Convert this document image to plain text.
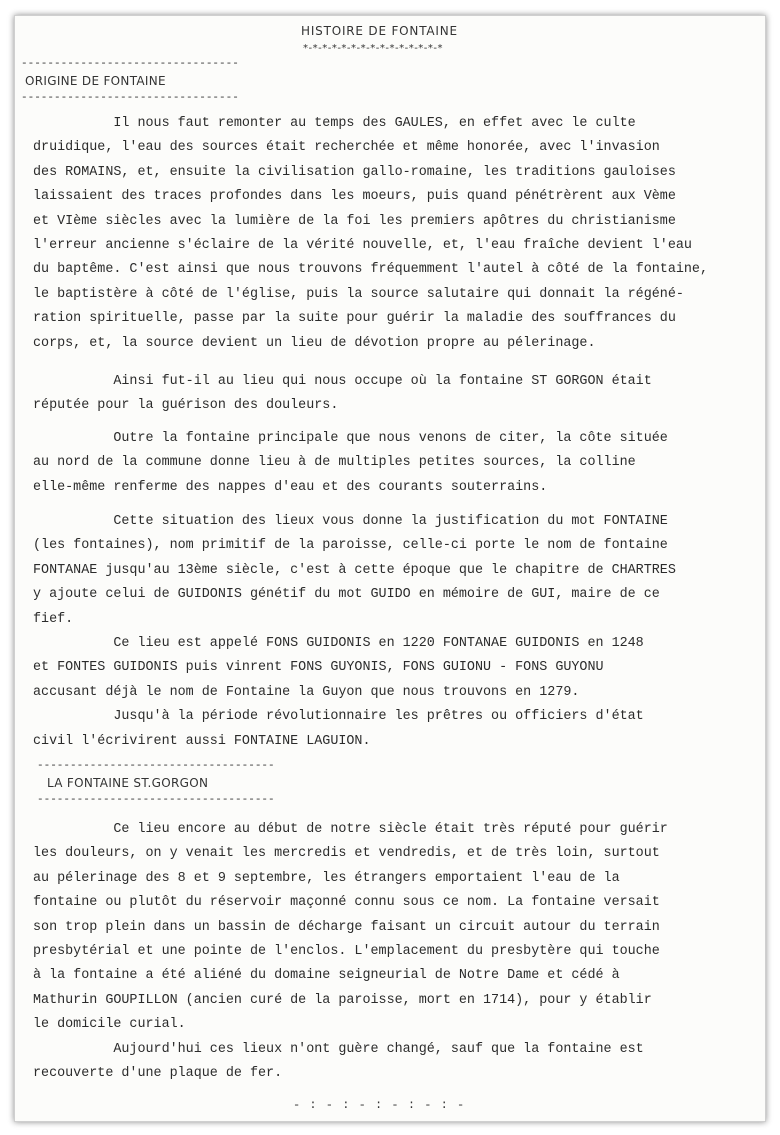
HISTOIRE DE FONTAINE
*-*-*-*-*-*-*-*-*-*-*-*-*-*-*
---------------------------------
ORIGINE DE FONTAINE
---------------------------------
Il nous faut remonter au temps des GAULES, en effet avec le culte
druidique, l'eau des sources était recherchée et même honorée, avec l'invasion
des ROMAINS, et, ensuite la civilisation gallo-romaine, les traditions gauloises
laissaient des traces profondes dans les moeurs, puis quand pénétrèrent aux Vème
et VIème siècles avec la lumière de la foi les premiers apôtres du christianisme
l'erreur ancienne s'éclaire de la vérité nouvelle, et, l'eau fraîche devient l'eau
du baptême. C'est ainsi que nous trouvons fréquemment l'autel à côté de la fontaine,
le baptistère à côté de l'église, puis la source salutaire qui donnait la régéné-
ration spirituelle, passe par la suite pour guérir la maladie des souffrances du
corps, et, la source devient un lieu de dévotion propre au pélerinage.
Ainsi fut-il au lieu qui nous occupe où la fontaine ST GORGON était
réputée pour la guérison des douleurs.
Outre la fontaine principale que nous venons de citer, la côte située
au nord de la commune donne lieu à de multiples petites sources, la colline
elle-même renferme des nappes d'eau et des courants souterrains.
Cette situation des lieux vous donne la justification du mot FONTAINE
(les fontaines), nom primitif de la paroisse, celle-ci porte le nom de fontaine
FONTANAE jusqu'au 13ème siècle, c'est à cette époque que le chapitre de CHARTRES
y ajoute celui de GUIDONIS génétif du mot GUIDO en mémoire de GUI, maire de ce
fief.
Ce lieu est appelé FONS GUIDONIS en 1220 FONTANAE GUIDONIS en 1248
et FONTES GUIDONIS puis vinrent FONS GUYONIS, FONS GUIONU - FONS GUYONU
accusant déjà le nom de Fontaine la Guyon que nous trouvons en 1279.
Jusqu'à la période révolutionnaire les prêtres ou officiers d'état
civil l'écrivirent aussi FONTAINE LAGUION.
------------------------------------
LA FONTAINE ST.GORGON
------------------------------------
Ce lieu encore au début de notre siècle était très réputé pour guérir
les douleurs, on y venait les mercredis et vendredis, et de très loin, surtout
au pélerinage des 8 et 9 septembre, les étrangers emportaient l'eau de la
fontaine ou plutôt du réservoir maçonné connu sous ce nom. La fontaine versait
son trop plein dans un bassin de décharge faisant un circuit autour du terrain
presbytérial et une pointe de l'enclos. L'emplacement du presbytère qui touche
à la fontaine a été aliéné du domaine seigneurial de Notre Dame et cédé à
Mathurin GOUPILLON (ancien curé de la paroisse, mort en 1714), pour y établir
le domicile curial.
Aujourd'hui ces lieux n'ont guère changé, sauf que la fontaine est
recouverte d'une plaque de fer.
- : - : - : - : - : -
